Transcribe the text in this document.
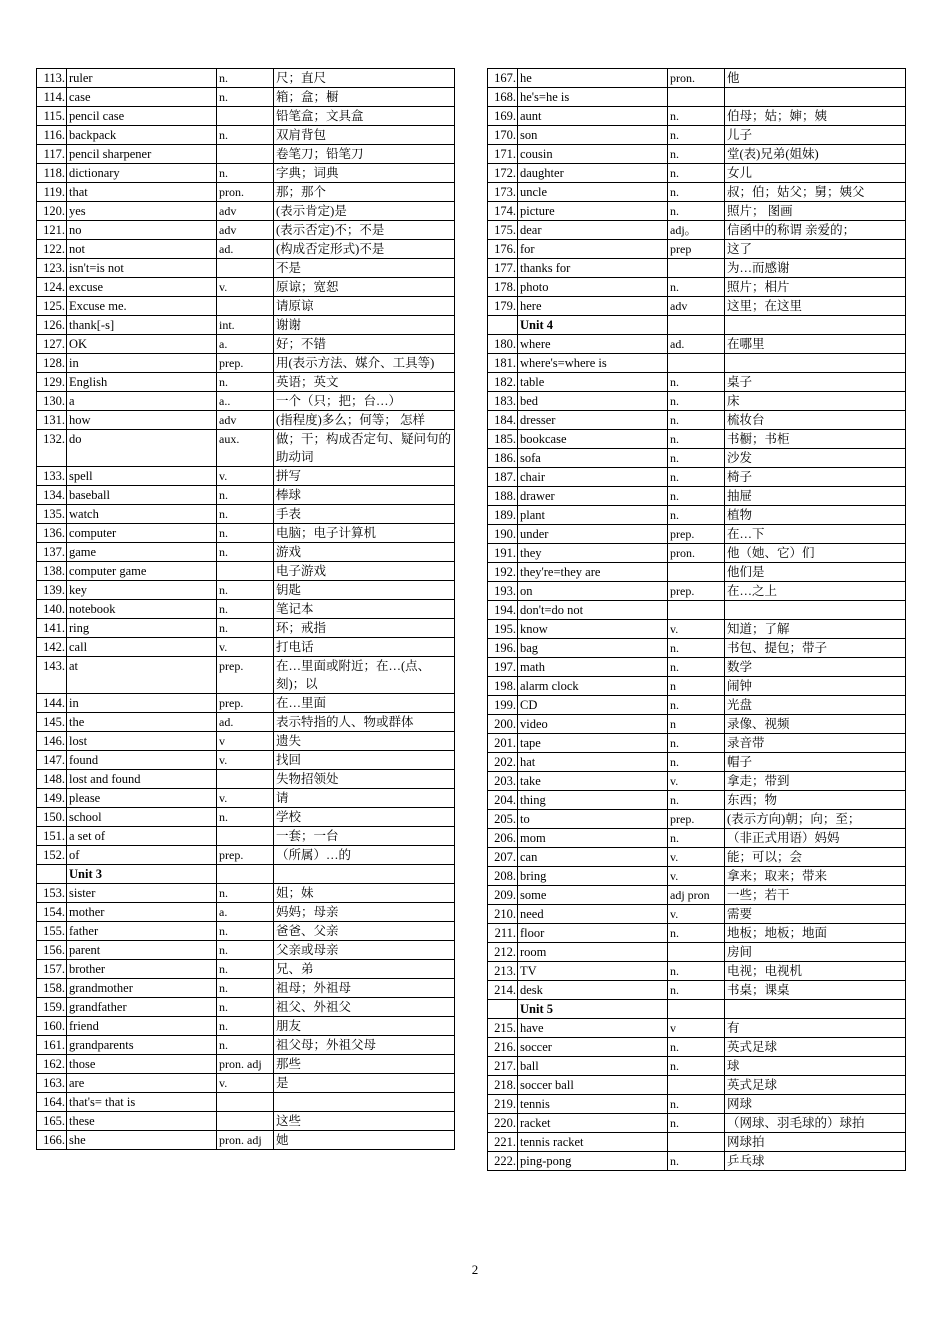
113.	ruler	n.	尺；直尺
114.	case	n.	箱；盒；橱
115.	pencil case		铅笔盒；文具盒
116.	backpack	n.	双肩背包
117.	pencil sharpener		卷笔刀；铅笔刀
118.	dictionary	n.	字典；词典
119.	that	pron.	那；那个
120.	yes	adv	(表示肯定)是
121.	no	adv	(表示否定)不；不是
122.	not	ad.	(构成否定形式)不是
123.	isn't=is not		不是
124.	excuse	v.	原谅；宽恕
125.	Excuse me.		请原谅
126.	thank[-s]	int.	谢谢
127.	OK	a.	好；不错
128.	in	prep.	用(表示方法、媒介、工具等)
129.	English	n.	英语；英文
130.	a	a..	一个（只；把；台…）
131.	how	adv	(指程度)多么；何等； 怎样
132.	do	aux.	做；干；构成否定句、疑问句的助动词
133.	spell	v.	拼写
134.	baseball	n.	棒球
135.	watch	n.	手表
136.	computer	n.	电脑；电子计算机
137.	game	n.	游戏
138.	computer game		电子游戏
139.	key	n.	钥匙
140.	notebook	n.	笔记本
141.	ring	n.	环；戒指
142.	call	v.	打电话
143.	at	prep.	在…里面或附近；在…(点、刻)；以
144.	in	prep.	在…里面
145.	the	ad.	表示特指的人、物或群体
146.	lost	v	遗失
147.	found	v.	找回
148.	lost and found		失物招领处
149.	please	v.	请
150.	school	n.	学校
151.	a set of		一套；一台
152.	of	prep.	（所属）…的
	Unit 3		
153.	sister	n.	姐；妹
154.	mother	a.	妈妈；母亲
155.	father	n.	爸爸、父亲
156.	parent	n.	父亲或母亲
157.	brother	n.	兄、弟
158.	grandmother	n.	祖母；外祖母
159.	grandfather	n.	祖父、外祖父
160.	friend	n.	朋友
161.	grandparents	n.	祖父母；外祖父母
162.	those	pron. adj	那些
163.	are	v.	是
164.	that's= that is		
165.	these		这些
166.	she	pron. adj	她
167.	he	pron.	他
168.	he's=he is		
169.	aunt	n.	伯母；姑；婶；姨
170.	son	n.	儿子
171.	cousin	n.	堂(表)兄弟(姐妹)
172.	daughter	n.	女儿
173.	uncle	n.	叔；伯；姑父；舅；姨父
174.	picture	n.	照片； 图画
175.	dear	adj。	信函中的称谓 亲爱的；
176.	for	prep	这了
177.	thanks for		为…而感谢
178.	photo	n.	照片；相片
179.	here	adv	这里；在这里
	Unit 4		
180.	where	ad.	在哪里
181.	where's=where is		
182.	table	n.	桌子
183.	bed	n.	床
184.	dresser	n.	梳妆台
185.	bookcase	n.	书橱；书柜
186.	sofa	n.	沙发
187.	chair	n.	椅子
188.	drawer	n.	抽屉
189.	plant	n.	植物
190.	under	prep.	在…下
191.	they	pron.	他（她、它）们
192.	they're=they are		他们是
193.	on	prep.	在…之上
194.	don't=do not		
195.	know	v.	知道；了解
196.	bag	n.	书包、提包；带子
197.	math	n.	数学
198.	alarm clock	n	闹钟
199.	CD	n.	光盘
200.	video	n	录像、视频
201.	tape	n.	录音带
202.	hat	n.	帽子
203.	take	v.	拿走；带到
204.	thing	n.	东西；物
205.	to	prep.	(表示方向)朝；向；至；
206.	mom	n.	（非正式用语）妈妈
207.	can	v.	能；可以；会
208.	bring	v.	拿来；取来；带来
209.	some	adj pron	一些；若干
210.	need	v.	需要
211.	floor	n.	地板；地板；地面
212.	room		房间
213.	TV	n.	电视；电视机
214.	desk	n.	书桌；课桌
	Unit 5		
215.	have	v	有
216.	soccer	n.	英式足球
217.	ball	n.	球
218.	soccer ball		英式足球
219.	tennis	n.	网球
220.	racket	n.	（网球、羽毛球的）球拍
221.	tennis racket		网球拍
222.	ping-pong	n.	乒乓球
2
